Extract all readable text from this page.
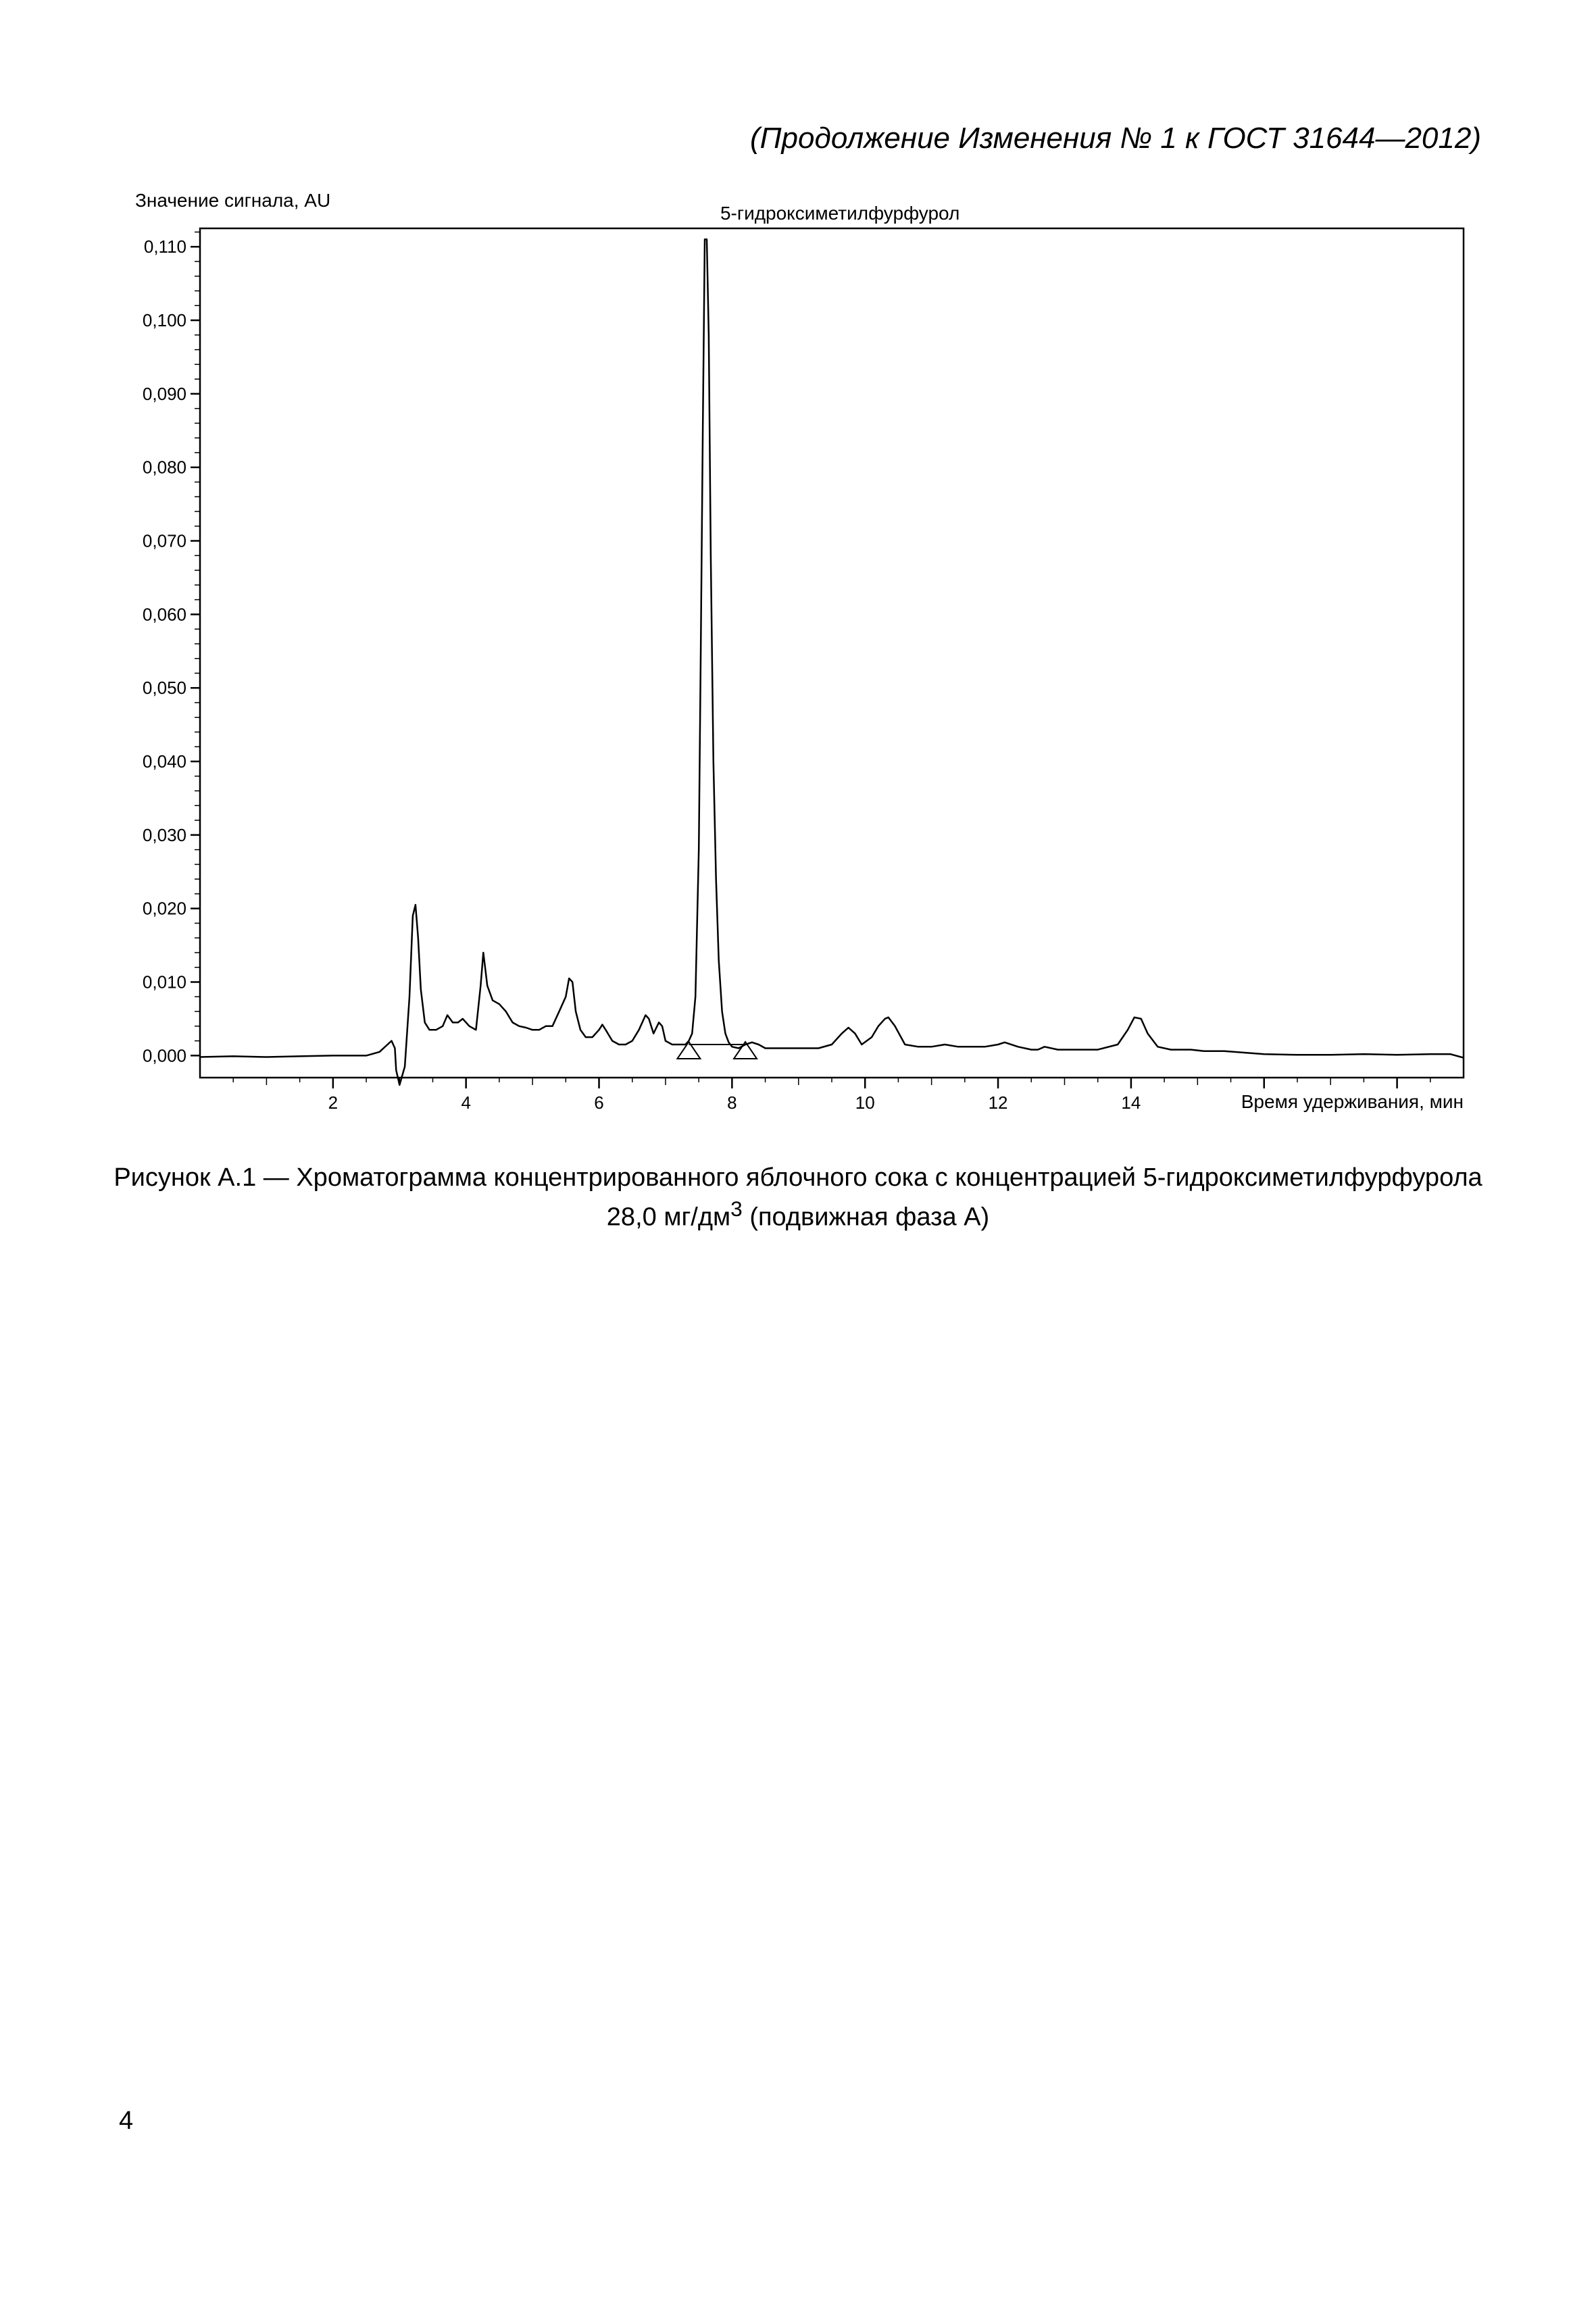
(Продолжение Изменения № 1 к ГОСТ 31644—2012)
Значение сигнала, AU
Время удерживания, мин
0,000
0,010
0,020
0,030
0,040
0,050
0,060
0,070
0,080
0,090
0,100
0,110
2	4	6	8	10	12	14
5-гидроксиметилфурфурол
Рисунок А.1 — Хроматограмма концентрированного яблочного сока с концентрацией 5-гидроксиметилфурфурола
28,0 $мг/дм^3$ (подвижная фаза А)
4
